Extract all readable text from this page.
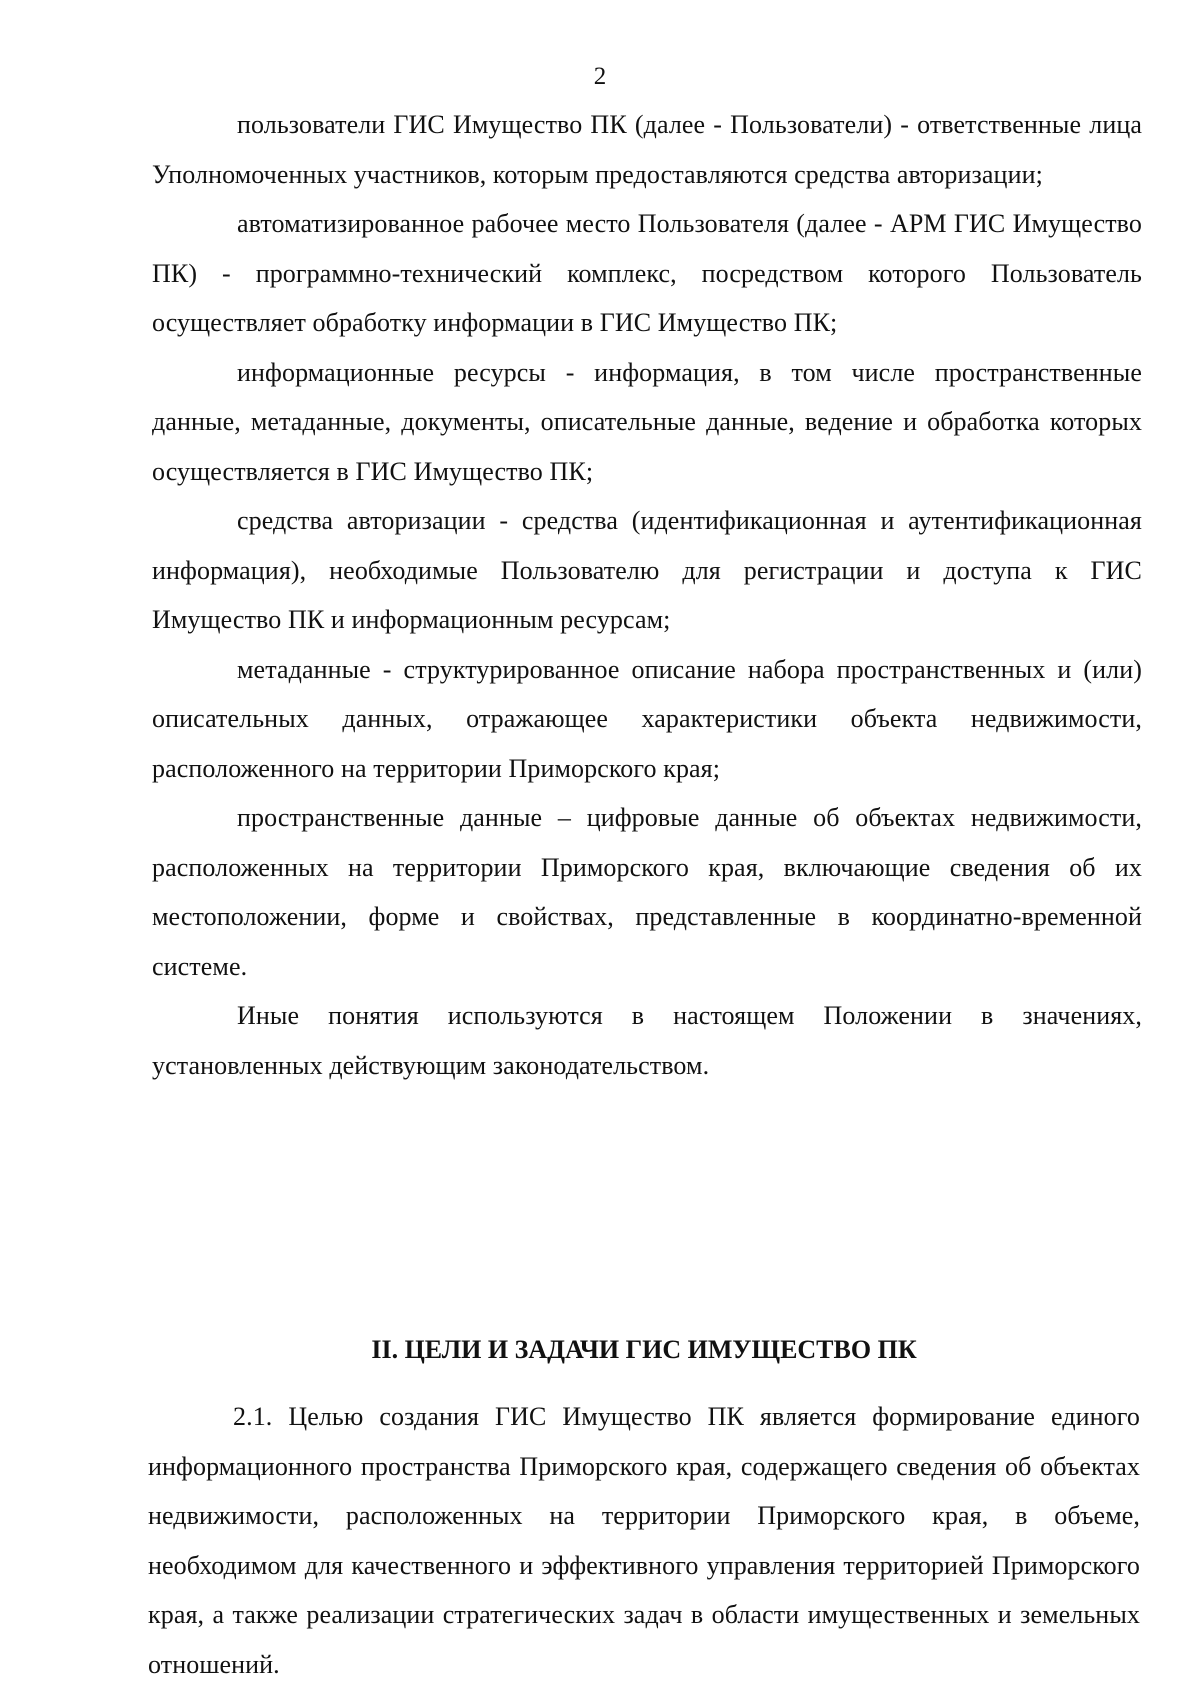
2

пользователи ГИС Имущество ПК (далее - Пользователи) - ответственные лица Уполномоченных участников, которым предоставляются средства авторизации;

автоматизированное рабочее место Пользователя (далее - АРМ ГИС Имущество ПК) - программно-технический комплекс, посредством которого Пользователь осуществляет обработку информации в ГИС Имущество ПК;

информационные ресурсы - информация, в том числе пространственные данные, метаданные, документы, описательные данные, ведение и обработка которых осуществляется в ГИС Имущество ПК;

средства авторизации - средства (идентификационная и аутентификационная информация), необходимые Пользователю для регистрации и доступа к ГИС Имущество ПК и информационным ресурсам;

метаданные - структурированное описание набора пространственных и (или) описательных данных, отражающее характеристики объекта недвижимости, расположенного на территории Приморского края;

пространственные данные – цифровые данные об объектах недвижимости, расположенных на территории Приморского края, включающие сведения об их местоположении, форме и свойствах, представленные в координатно-временной системе.

Иные понятия используются в настоящем Положении в значениях, установленных действующим законодательством.

II. ЦЕЛИ И ЗАДАЧИ ГИС ИМУЩЕСТВО ПК

2.1. Целью создания ГИС Имущество ПК является формирование единого информационного пространства Приморского края, содержащего сведения об объектах недвижимости, расположенных на территории Приморского края, в объеме, необходимом для качественного и эффективного управления территорией Приморского края, а также реализации стратегических задач в области имущественных и земельных отношений.
